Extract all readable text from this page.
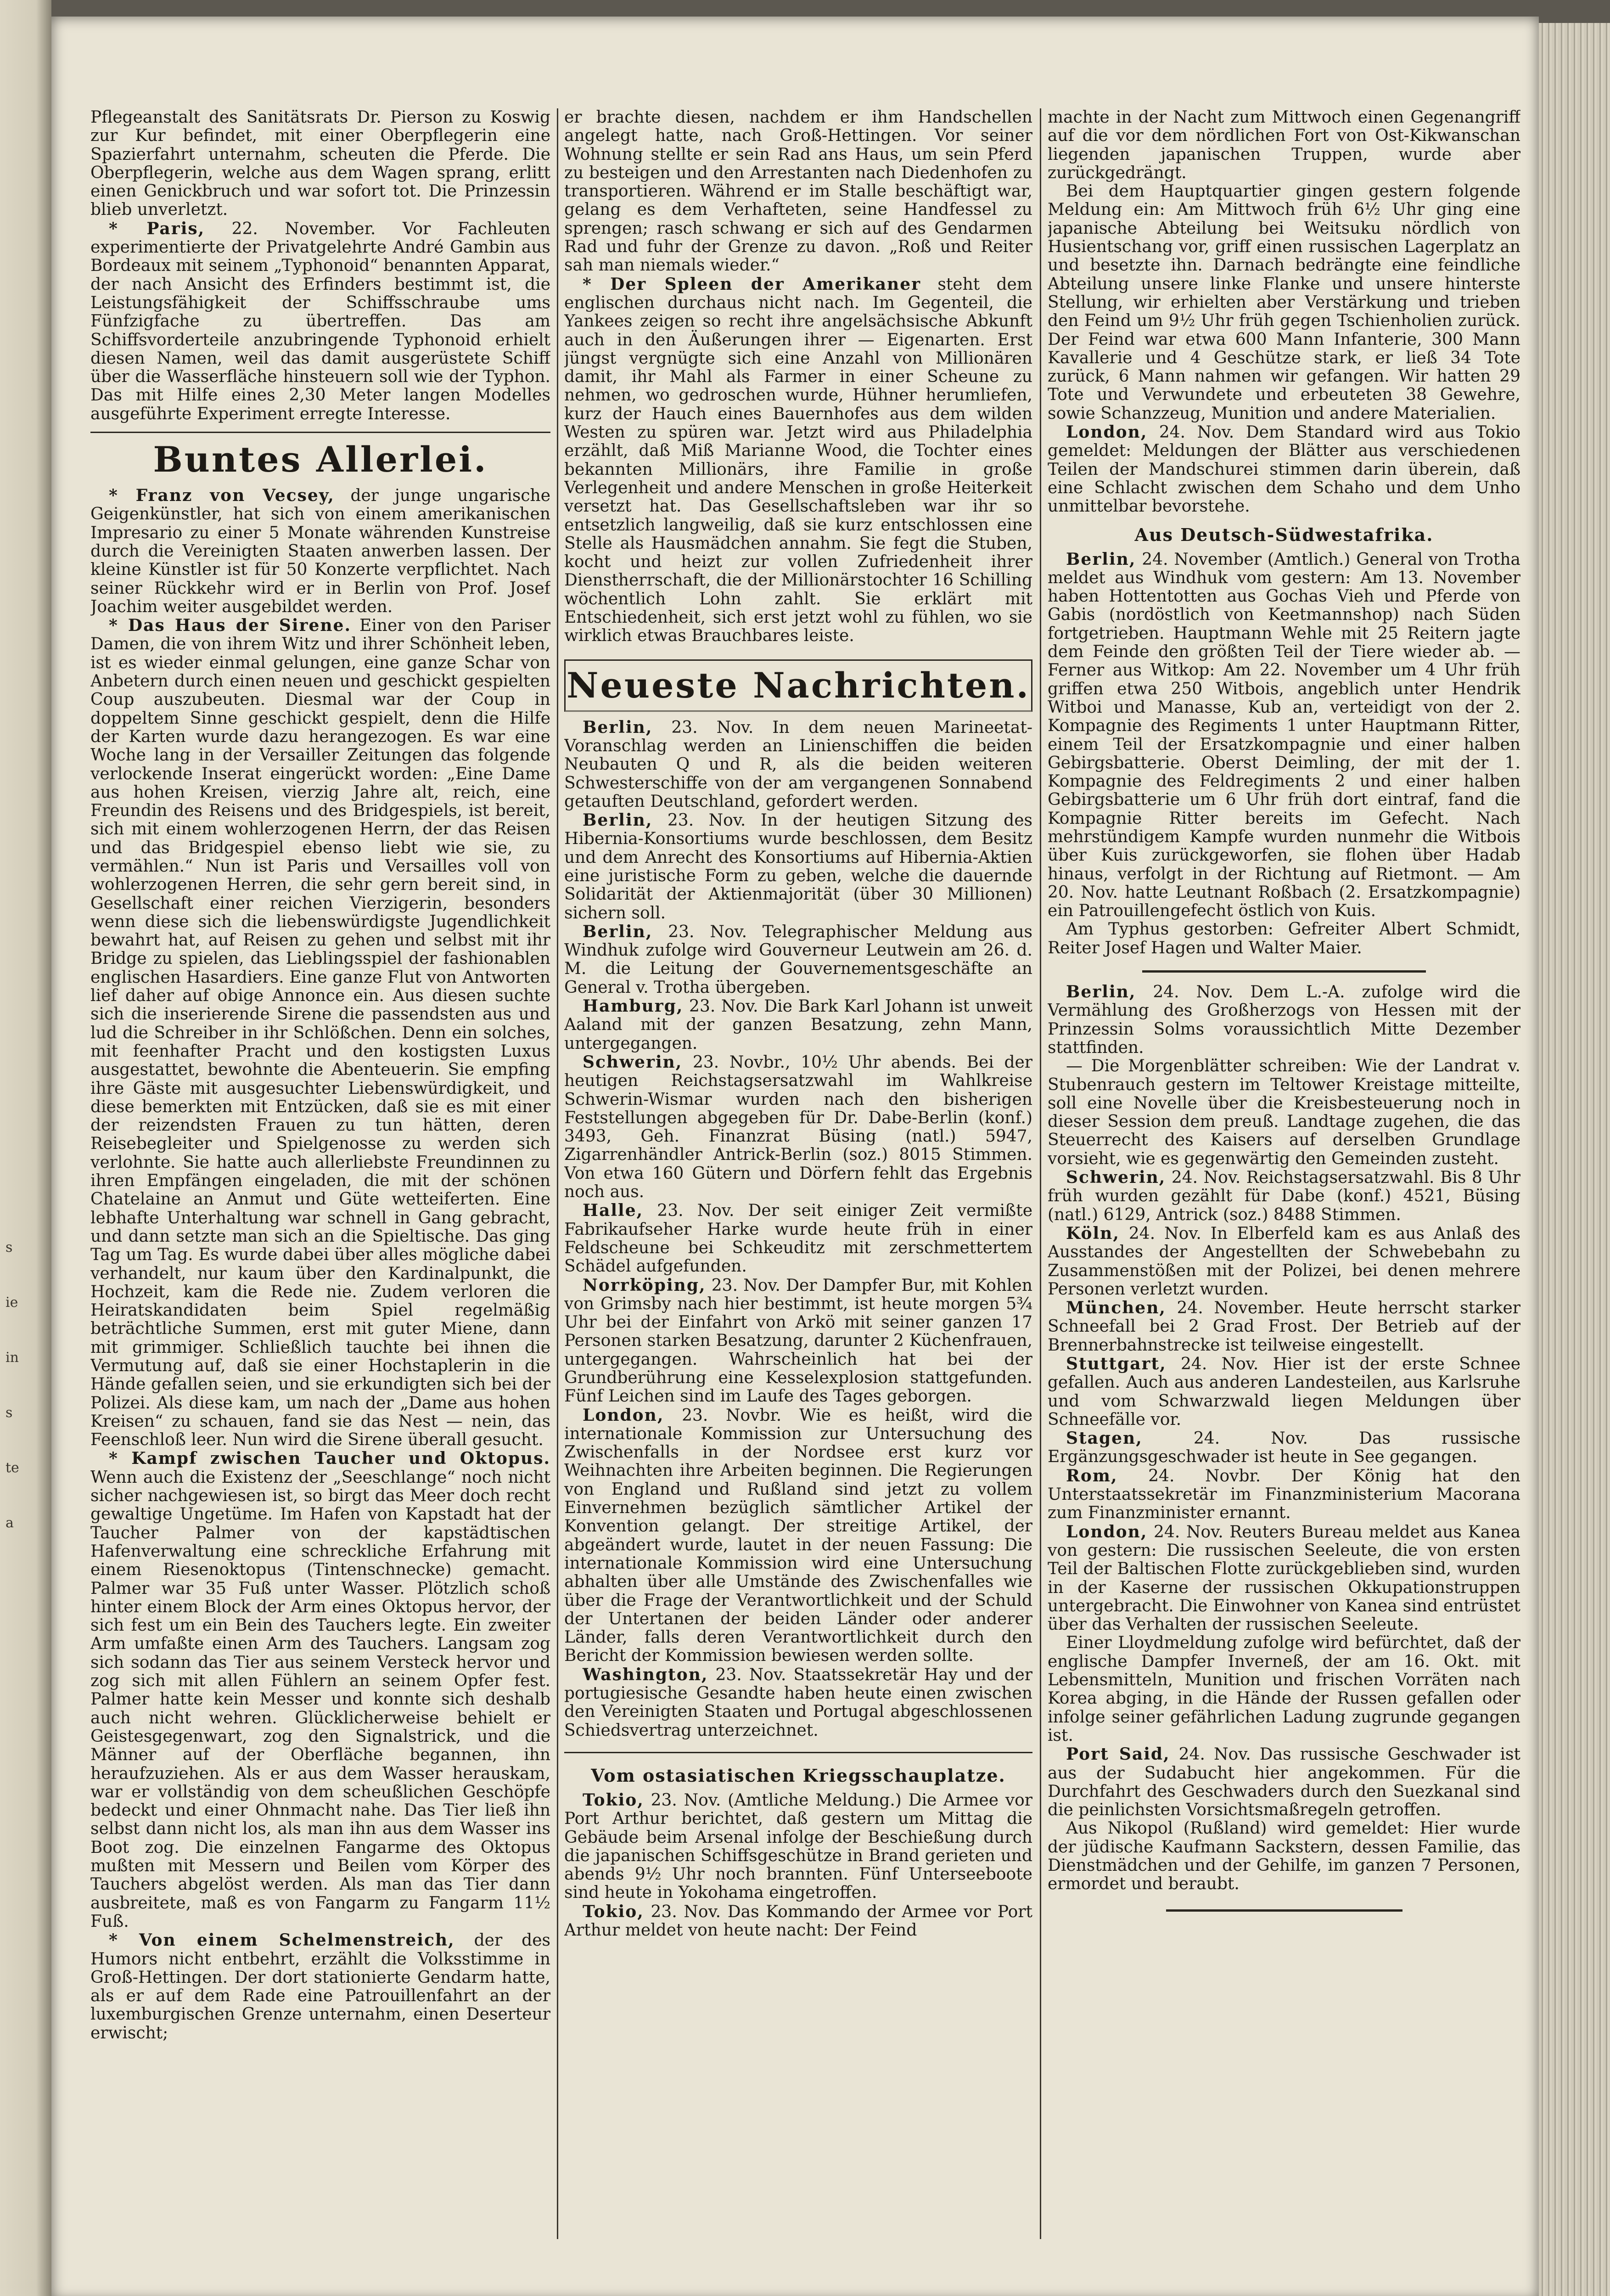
s
ie
in
s
te
a

Pflegeanstalt des Sanitätsrats Dr. Pierson zu Koswig zur Kur befindet, mit einer Oberpflegerin eine Spazierfahrt unternahm, scheuten die Pferde. Die Oberpflegerin, welche aus dem Wagen sprang, erlitt einen Genickbruch und war sofort tot. Die Prinzessin blieb unverletzt.

* Paris, 22. November. Vor Fachleuten experimentierte der Privatgelehrte André Gambin aus Bordeaux mit seinem „Typhonoid“ benannten Apparat, der nach Ansicht des Erfinders bestimmt ist, die Leistungsfähigkeit der Schiffsschraube ums Fünfzigfache zu übertreffen. Das am Schiffsvorderteile anzubringende Typhonoid erhielt diesen Namen, weil das damit ausgerüstete Schiff über die Wasserfläche hinsteuern soll wie der Typhon. Das mit Hilfe eines 2,30 Meter langen Modelles ausgeführte Experiment erregte Interesse.

Buntes Allerlei.

* Franz von Vecsey, der junge ungarische Geigenkünstler, hat sich von einem amerikanischen Impresario zu einer 5 Monate währenden Kunstreise durch die Vereinigten Staaten anwerben lassen. Der kleine Künstler ist für 50 Konzerte verpflichtet. Nach seiner Rückkehr wird er in Berlin von Prof. Josef Joachim weiter ausgebildet werden.

* Das Haus der Sirene. Einer von den Pariser Damen, die von ihrem Witz und ihrer Schönheit leben, ist es wieder einmal gelungen, eine ganze Schar von Anbetern durch einen neuen und geschickt gespielten Coup auszubeuten. Diesmal war der Coup in doppeltem Sinne geschickt gespielt, denn die Hilfe der Karten wurde dazu herangezogen. Es war eine Woche lang in der Versailler Zeitungen das folgende verlockende Inserat eingerückt worden: „Eine Dame aus hohen Kreisen, vierzig Jahre alt, reich, eine Freundin des Reisens und des Bridgespiels, ist bereit, sich mit einem wohlerzogenen Herrn, der das Reisen und das Bridgespiel ebenso liebt wie sie, zu vermählen.“ Nun ist Paris und Versailles voll von wohlerzogenen Herren, die sehr gern bereit sind, in Gesellschaft einer reichen Vierzigerin, besonders wenn diese sich die liebenswürdigste Jugendlichkeit bewahrt hat, auf Reisen zu gehen und selbst mit ihr Bridge zu spielen, das Lieblingsspiel der fashionablen englischen Hasardiers. Eine ganze Flut von Antworten lief daher auf obige Annonce ein. Aus diesen suchte sich die inserierende Sirene die passendsten aus und lud die Schreiber in ihr Schlößchen. Denn ein solches, mit feenhafter Pracht und den kostigsten Luxus ausgestattet, bewohnte die Abenteuerin. Sie empfing ihre Gäste mit ausgesuchter Liebenswürdigkeit, und diese bemerkten mit Entzücken, daß sie es mit einer der reizendsten Frauen zu tun hätten, deren Reisebegleiter und Spielgenosse zu werden sich verlohnte. Sie hatte auch allerliebste Freundinnen zu ihren Empfängen eingeladen, die mit der schönen Chatelaine an Anmut und Güte wetteiferten. Eine lebhafte Unterhaltung war schnell in Gang gebracht, und dann setzte man sich an die Spieltische. Das ging Tag um Tag. Es wurde dabei über alles mögliche dabei verhandelt, nur kaum über den Kardinalpunkt, die Hochzeit, kam die Rede nie. Zudem verloren die Heiratskandidaten beim Spiel regelmäßig beträchtliche Summen, erst mit guter Miene, dann mit grimmiger. Schließlich tauchte bei ihnen die Vermutung auf, daß sie einer Hochstaplerin in die Hände gefallen seien, und sie erkundigten sich bei der Polizei. Als diese kam, um nach der „Dame aus hohen Kreisen“ zu schauen, fand sie das Nest — nein, das Feenschloß leer. Nun wird die Sirene überall gesucht.

* Kampf zwischen Taucher und Oktopus. Wenn auch die Existenz der „Seeschlange“ noch nicht sicher nachgewiesen ist, so birgt das Meer doch recht gewaltige Ungetüme. Im Hafen von Kapstadt hat der Taucher Palmer von der kapstädtischen Hafenverwaltung eine schreckliche Erfahrung mit einem Riesenoktopus (Tintenschnecke) gemacht. Palmer war 35 Fuß unter Wasser. Plötzlich schoß hinter einem Block der Arm eines Oktopus hervor, der sich fest um ein Bein des Tauchers legte. Ein zweiter Arm umfaßte einen Arm des Tauchers. Langsam zog sich sodann das Tier aus seinem Versteck hervor und zog sich mit allen Fühlern an seinem Opfer fest. Palmer hatte kein Messer und konnte sich deshalb auch nicht wehren. Glücklicherweise behielt er Geistesgegenwart, zog den Signalstrick, und die Männer auf der Oberfläche begannen, ihn heraufzuziehen. Als er aus dem Wasser herauskam, war er vollständig von dem scheußlichen Geschöpfe bedeckt und einer Ohnmacht nahe. Das Tier ließ ihn selbst dann nicht los, als man ihn aus dem Wasser ins Boot zog. Die einzelnen Fangarme des Oktopus mußten mit Messern und Beilen vom Körper des Tauchers abgelöst werden. Als man das Tier dann ausbreitete, maß es von Fangarm zu Fangarm 11½ Fuß.

* Von einem Schelmenstreich, der des Humors nicht entbehrt, erzählt die Volksstimme in Groß-Hettingen. Der dort stationierte Gendarm hatte, als er auf dem Rade eine Patrouillenfahrt an der luxemburgischen Grenze unternahm, einen Deserteur erwischt;

er brachte diesen, nachdem er ihm Handschellen angelegt hatte, nach Groß-Hettingen. Vor seiner Wohnung stellte er sein Rad ans Haus, um sein Pferd zu besteigen und den Arrestanten nach Diedenhofen zu transportieren. Während er im Stalle beschäftigt war, gelang es dem Verhafteten, seine Handfessel zu sprengen; rasch schwang er sich auf des Gendarmen Rad und fuhr der Grenze zu davon. „Roß und Reiter sah man niemals wieder.“

* Der Spleen der Amerikaner steht dem englischen durchaus nicht nach. Im Gegenteil, die Yankees zeigen so recht ihre angelsächsische Abkunft auch in den Äußerungen ihrer — Eigenarten. Erst jüngst vergnügte sich eine Anzahl von Millionären damit, ihr Mahl als Farmer in einer Scheune zu nehmen, wo gedroschen wurde, Hühner herumliefen, kurz der Hauch eines Bauernhofes aus dem wilden Westen zu spüren war. Jetzt wird aus Philadelphia erzählt, daß Miß Marianne Wood, die Tochter eines bekannten Millionärs, ihre Familie in große Verlegenheit und andere Menschen in große Heiterkeit versetzt hat. Das Gesellschaftsleben war ihr so entsetzlich langweilig, daß sie kurz entschlossen eine Stelle als Hausmädchen annahm. Sie fegt die Stuben, kocht und heizt zur vollen Zufriedenheit ihrer Dienstherrschaft, die der Millionärstochter 16 Schilling wöchentlich Lohn zahlt. Sie erklärt mit Entschiedenheit, sich erst jetzt wohl zu fühlen, wo sie wirklich etwas Brauchbares leiste.

Neueste Nachrichten.

Berlin, 23. Nov. In dem neuen Marineetat-Voranschlag werden an Linienschiffen die beiden Neubauten Q und R, als die beiden weiteren Schwesterschiffe von der am vergangenen Sonnabend getauften Deutschland, gefordert werden.

Berlin, 23. Nov. In der heutigen Sitzung des Hibernia-Konsortiums wurde beschlossen, dem Besitz und dem Anrecht des Konsortiums auf Hibernia-Aktien eine juristische Form zu geben, welche die dauernde Solidarität der Aktienmajorität (über 30 Millionen) sichern soll.

Berlin, 23. Nov. Telegraphischer Meldung aus Windhuk zufolge wird Gouverneur Leutwein am 26. d. M. die Leitung der Gouvernementsgeschäfte an General v. Trotha übergeben.

Hamburg, 23. Nov. Die Bark Karl Johann ist unweit Aaland mit der ganzen Besatzung, zehn Mann, untergegangen.

Schwerin, 23. Novbr., 10½ Uhr abends. Bei der heutigen Reichstagsersatzwahl im Wahlkreise Schwerin-Wismar wurden nach den bisherigen Feststellungen abgegeben für Dr. Dabe-Berlin (konf.) 3493, Geh. Finanzrat Büsing (natl.) 5947, Zigarrenhändler Antrick-Berlin (soz.) 8015 Stimmen. Von etwa 160 Gütern und Dörfern fehlt das Ergebnis noch aus.

Halle, 23. Nov. Der seit einiger Zeit vermißte Fabrikaufseher Harke wurde heute früh in einer Feldscheune bei Schkeuditz mit zerschmettertem Schädel aufgefunden.

Norrköping, 23. Nov. Der Dampfer Bur, mit Kohlen von Grimsby nach hier bestimmt, ist heute morgen 5¾ Uhr bei der Einfahrt von Arkö mit seiner ganzen 17 Personen starken Besatzung, darunter 2 Küchenfrauen, untergegangen. Wahrscheinlich hat bei der Grundberührung eine Kesselexplosion stattgefunden. Fünf Leichen sind im Laufe des Tages geborgen.

London, 23. Novbr. Wie es heißt, wird die internationale Kommission zur Untersuchung des Zwischenfalls in der Nordsee erst kurz vor Weihnachten ihre Arbeiten beginnen. Die Regierungen von England und Rußland sind jetzt zu vollem Einvernehmen bezüglich sämtlicher Artikel der Konvention gelangt. Der streitige Artikel, der abgeändert wurde, lautet in der neuen Fassung: Die internationale Kommission wird eine Untersuchung abhalten über alle Umstände des Zwischenfalles wie über die Frage der Verantwortlichkeit und der Schuld der Untertanen der beiden Länder oder anderer Länder, falls deren Verantwortlichkeit durch den Bericht der Kommission bewiesen werden sollte.

Washington, 23. Nov. Staatssekretär Hay und der portugiesische Gesandte haben heute einen zwischen den Vereinigten Staaten und Portugal abgeschlossenen Schiedsvertrag unterzeichnet.

Vom ostasiatischen Kriegsschauplatze.

Tokio, 23. Nov. (Amtliche Meldung.) Die Armee vor Port Arthur berichtet, daß gestern um Mittag die Gebäude beim Arsenal infolge der Beschießung durch die japanischen Schiffsgeschütze in Brand gerieten und abends 9½ Uhr noch brannten. Fünf Unterseeboote sind heute in Yokohama eingetroffen.

Tokio, 23. Nov. Das Kommando der Armee vor Port Arthur meldet von heute nacht: Der Feind

machte in der Nacht zum Mittwoch einen Gegenangriff auf die vor dem nördlichen Fort von Ost-Kikwanschan liegenden japanischen Truppen, wurde aber zurückgedrängt.

Bei dem Hauptquartier gingen gestern folgende Meldung ein: Am Mittwoch früh 6½ Uhr ging eine japanische Abteilung bei Weitsuku nördlich von Husientschang vor, griff einen russischen Lagerplatz an und besetzte ihn. Darnach bedrängte eine feindliche Abteilung unsere linke Flanke und unsere hinterste Stellung, wir erhielten aber Verstärkung und trieben den Feind um 9½ Uhr früh gegen Tschienholien zurück. Der Feind war etwa 600 Mann Infanterie, 300 Mann Kavallerie und 4 Geschütze stark, er ließ 34 Tote zurück, 6 Mann nahmen wir gefangen. Wir hatten 29 Tote und Verwundete und erbeuteten 38 Gewehre, sowie Schanzzeug, Munition und andere Materialien.

London, 24. Nov. Dem Standard wird aus Tokio gemeldet: Meldungen der Blätter aus verschiedenen Teilen der Mandschurei stimmen darin überein, daß eine Schlacht zwischen dem Schaho und dem Unho unmittelbar bevorstehe.

Aus Deutsch-Südwestafrika.

Berlin, 24. November (Amtlich.) General von Trotha meldet aus Windhuk vom gestern: Am 13. November haben Hottentotten aus Gochas Vieh und Pferde von Gabis (nordöstlich von Keetmannshop) nach Süden fortgetrieben. Hauptmann Wehle mit 25 Reitern jagte dem Feinde den größten Teil der Tiere wieder ab. — Ferner aus Witkop: Am 22. November um 4 Uhr früh griffen etwa 250 Witbois, angeblich unter Hendrik Witboi und Manasse, Kub an, verteidigt von der 2. Kompagnie des Regiments 1 unter Hauptmann Ritter, einem Teil der Ersatzkompagnie und einer halben Gebirgsbatterie. Oberst Deimling, der mit der 1. Kompagnie des Feldregiments 2 und einer halben Gebirgsbatterie um 6 Uhr früh dort eintraf, fand die Kompagnie Ritter bereits im Gefecht. Nach mehrstündigem Kampfe wurden nunmehr die Witbois über Kuis zurückgeworfen, sie flohen über Hadab hinaus, verfolgt in der Richtung auf Rietmont. — Am 20. Nov. hatte Leutnant Roßbach (2. Ersatzkompagnie) ein Patrouillengefecht östlich von Kuis.

Am Typhus gestorben: Gefreiter Albert Schmidt, Reiter Josef Hagen und Walter Maier.

Berlin, 24. Nov. Dem L.-A. zufolge wird die Vermählung des Großherzogs von Hessen mit der Prinzessin Solms voraussichtlich Mitte Dezember stattfinden.

— Die Morgenblätter schreiben: Wie der Landrat v. Stubenrauch gestern im Teltower Kreistage mitteilte, soll eine Novelle über die Kreisbesteuerung noch in dieser Session dem preuß. Landtage zugehen, die das Steuerrecht des Kaisers auf derselben Grundlage vorsieht, wie es gegenwärtig den Gemeinden zusteht.

Schwerin, 24. Nov. Reichstagsersatzwahl. Bis 8 Uhr früh wurden gezählt für Dabe (konf.) 4521, Büsing (natl.) 6129, Antrick (soz.) 8488 Stimmen.

Köln, 24. Nov. In Elberfeld kam es aus Anlaß des Ausstandes der Angestellten der Schwebebahn zu Zusammenstößen mit der Polizei, bei denen mehrere Personen verletzt wurden.

München, 24. November. Heute herrscht starker Schneefall bei 2 Grad Frost. Der Betrieb auf der Brennerbahnstrecke ist teilweise eingestellt.

Stuttgart, 24. Nov. Hier ist der erste Schnee gefallen. Auch aus anderen Landesteilen, aus Karlsruhe und vom Schwarzwald liegen Meldungen über Schneefälle vor.

Stagen, 24. Nov. Das russische Ergänzungsgeschwader ist heute in See gegangen.

Rom, 24. Novbr. Der König hat den Unterstaatssekretär im Finanzministerium Macorana zum Finanzminister ernannt.

London, 24. Nov. Reuters Bureau meldet aus Kanea von gestern: Die russischen Seeleute, die von ersten Teil der Baltischen Flotte zurückgeblieben sind, wurden in der Kaserne der russischen Okkupationstruppen untergebracht. Die Einwohner von Kanea sind entrüstet über das Verhalten der russischen Seeleute.

Einer Lloydmeldung zufolge wird befürchtet, daß der englische Dampfer Inverneß, der am 16. Okt. mit Lebensmitteln, Munition und frischen Vorräten nach Korea abging, in die Hände der Russen gefallen oder infolge seiner gefährlichen Ladung zugrunde gegangen ist.

Port Said, 24. Nov. Das russische Geschwader ist aus der Sudabucht hier angekommen. Für die Durchfahrt des Geschwaders durch den Suezkanal sind die peinlichsten Vorsichtsmaßregeln getroffen.

Aus Nikopol (Rußland) wird gemeldet: Hier wurde der jüdische Kaufmann Sackstern, dessen Familie, das Dienstmädchen und der Gehilfe, im ganzen 7 Personen, ermordet und beraubt.
